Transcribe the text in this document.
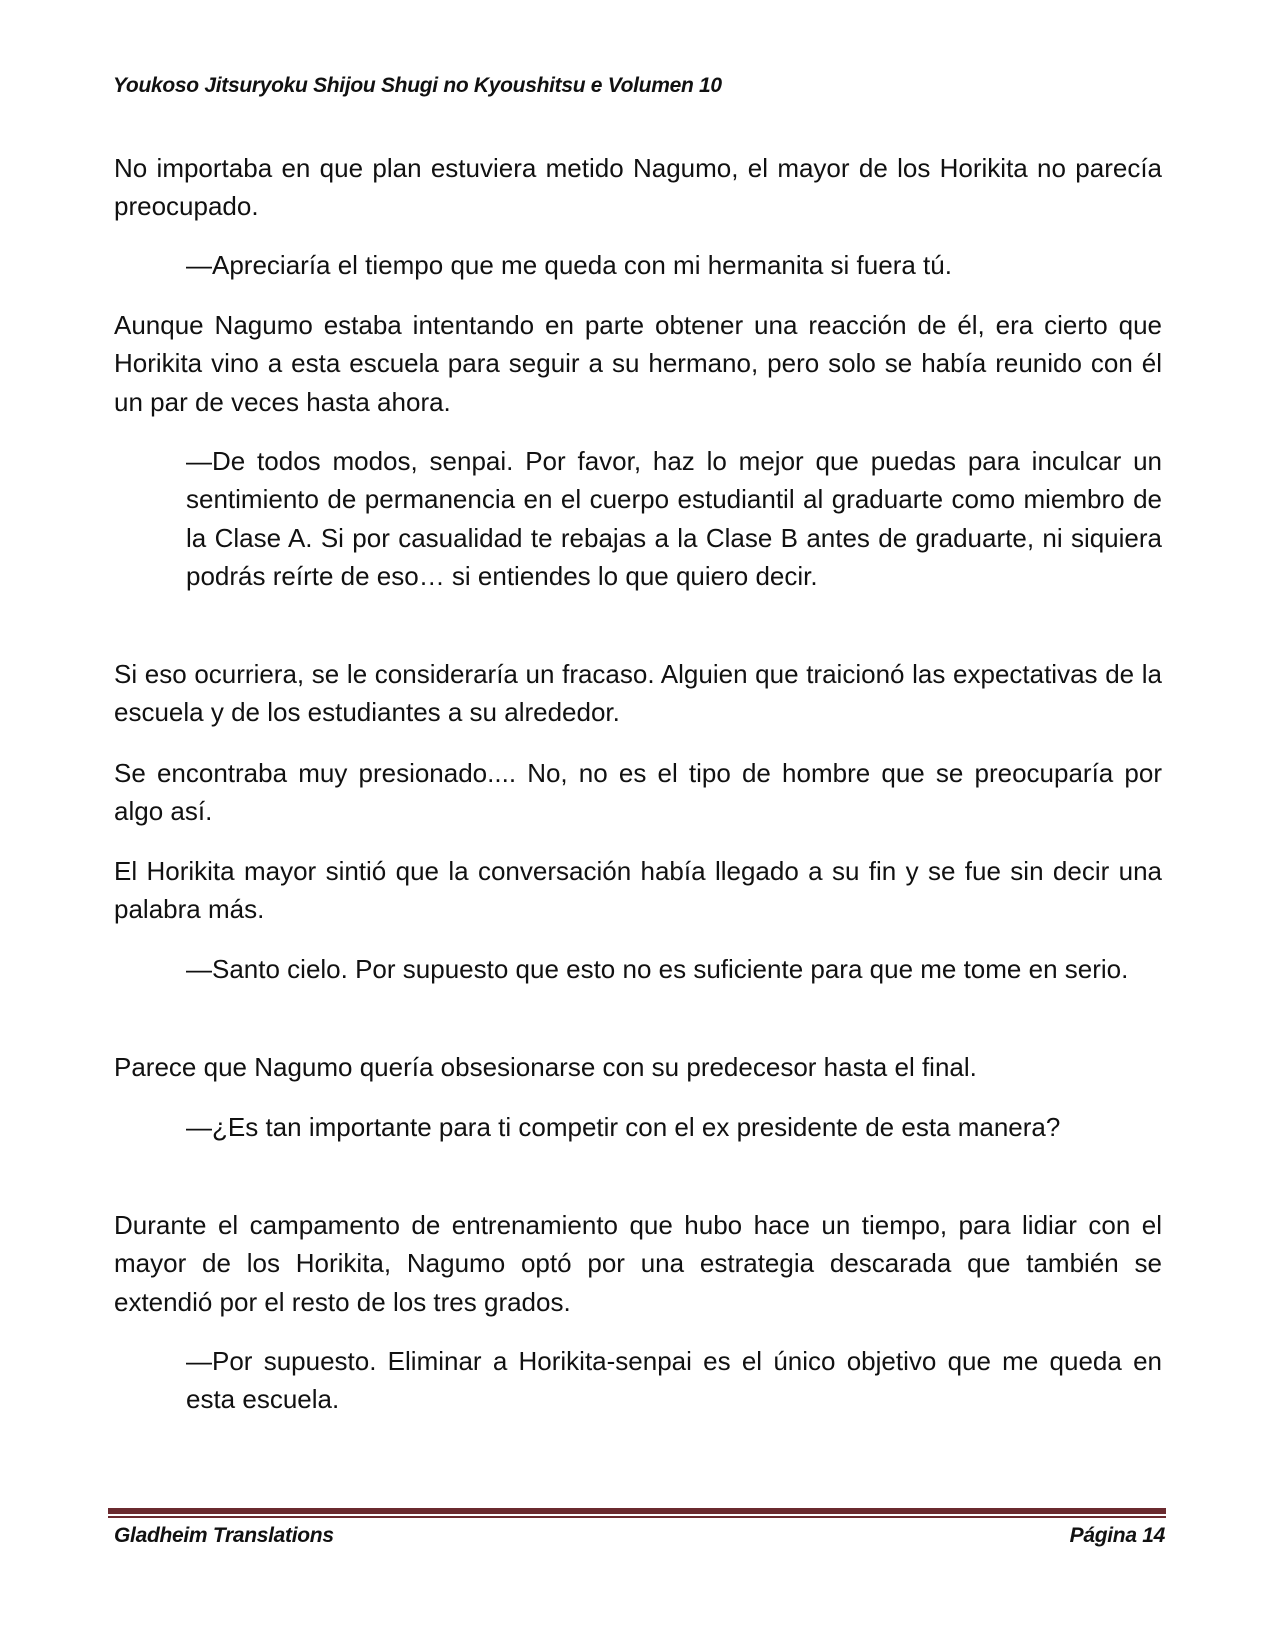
Youkoso Jitsuryoku Shijou Shugi no Kyoushitsu e Volumen 10

No importaba en que plan estuviera metido Nagumo, el mayor de los Horikita no parecía preocupado.

—Apreciaría el tiempo que me queda con mi hermanita si fuera tú.

Aunque Nagumo estaba intentando en parte obtener una reacción de él, era cierto que Horikita vino a esta escuela para seguir a su hermano, pero solo se había reunido con él un par de veces hasta ahora.

—De todos modos, senpai. Por favor, haz lo mejor que puedas para inculcar un sentimiento de permanencia en el cuerpo estudiantil al graduarte como miembro de la Clase A. Si por casualidad te rebajas a la Clase B antes de graduarte, ni siquiera podrás reírte de eso… si entiendes lo que quiero decir.

Si eso ocurriera, se le consideraría un fracaso. Alguien que traicionó las expectativas de la escuela y de los estudiantes a su alrededor.

Se encontraba muy presionado.... No, no es el tipo de hombre que se preocuparía por algo así.

El Horikita mayor sintió que la conversación había llegado a su fin y se fue sin decir una palabra más.

—Santo cielo. Por supuesto que esto no es suficiente para que me tome en serio.

Parece que Nagumo quería obsesionarse con su predecesor hasta el final.

—¿Es tan importante para ti competir con el ex presidente de esta manera?

Durante el campamento de entrenamiento que hubo hace un tiempo, para lidiar con el mayor de los Horikita, Nagumo optó por una estrategia descarada que también se extendió por el resto de los tres grados.

—Por supuesto. Eliminar a Horikita-senpai es el único objetivo que me queda en esta escuela.

Gladheim Translations	Página 14
